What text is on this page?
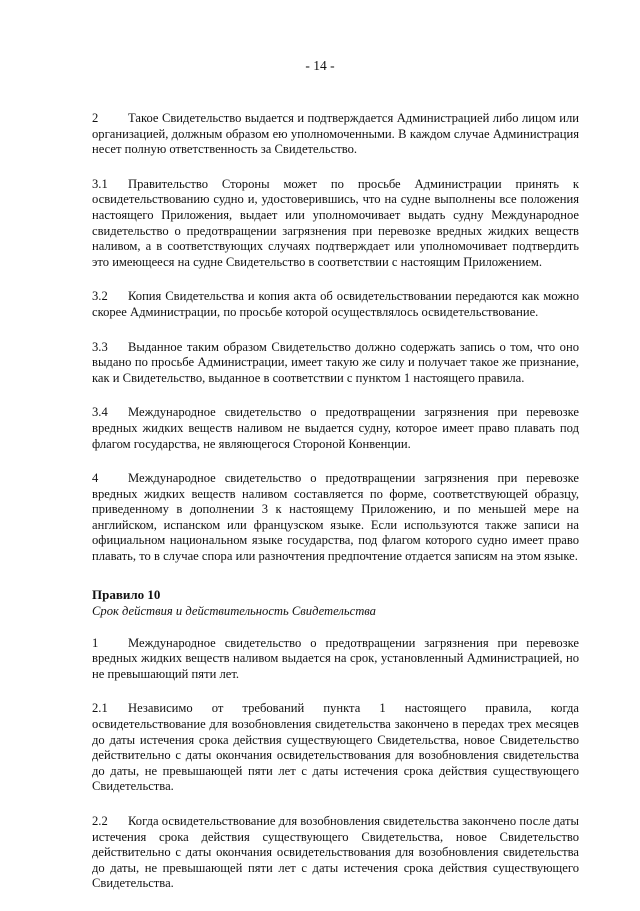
- 14 -

2 Такое Свидетельство выдается и подтверждается Администрацией либо лицом или организацией, должным образом ею уполномоченными. В каждом случае Администрация несет полную ответственность за Свидетельство.

3.1 Правительство Стороны может по просьбе Администрации принять к освидетельствованию судно и, удостоверившись, что на судне выполнены все положения настоящего Приложения, выдает или уполномочивает выдать судну Международное свидетельство о предотвращении загрязнения при перевозке вредных жидких веществ наливом, а в соответствующих случаях подтверждает или уполномочивает подтвердить это имеющееся на судне Свидетельство в соответствии с настоящим Приложением.

3.2 Копия Свидетельства и копия акта об освидетельствовании передаются как можно скорее Администрации, по просьбе которой осуществлялось освидетельствование.

3.3 Выданное таким образом Свидетельство должно содержать запись о том, что оно выдано по просьбе Администрации, имеет такую же силу и получает такое же признание, как и Свидетельство, выданное в соответствии с пунктом 1 настоящего правила.

3.4 Международное свидетельство о предотвращении загрязнения при перевозке вредных жидких веществ наливом не выдается судну, которое имеет право плавать под флагом государства, не являющегося Стороной Конвенции.

4 Международное свидетельство о предотвращении загрязнения при перевозке вредных жидких веществ наливом составляется по форме, соответствующей образцу, приведенному в дополнении 3 к настоящему Приложению, и по меньшей мере на английском, испанском или французском языке. Если используются также записи на официальном национальном языке государства, под флагом которого судно имеет право плавать, то в случае спора или разночтения предпочтение отдается записям на этом языке.

Правило 10
Срок действия и действительность Свидетельства

1 Международное свидетельство о предотвращении загрязнения при перевозке вредных жидких веществ наливом выдается на срок, установленный Администрацией, но не превышающий пяти лет.

2.1 Независимо от требований пункта 1 настоящего правила, когда освидетельствование для возобновления свидетельства закончено в передах трех месяцев до даты истечения срока действия существующего Свидетельства, новое Свидетельство действительно с даты окончания освидетельствования для возобновления свидетельства до даты, не превышающей пяти лет с даты истечения срока действия существующего Свидетельства.

2.2 Когда освидетельствование для возобновления свидетельства закончено после даты истечения срока действия существующего Свидетельства, новое Свидетельство действительно с даты окончания освидетельствования для возобновления свидетельства до даты, не превышающей пяти лет с даты истечения срока действия существующего Свидетельства.
